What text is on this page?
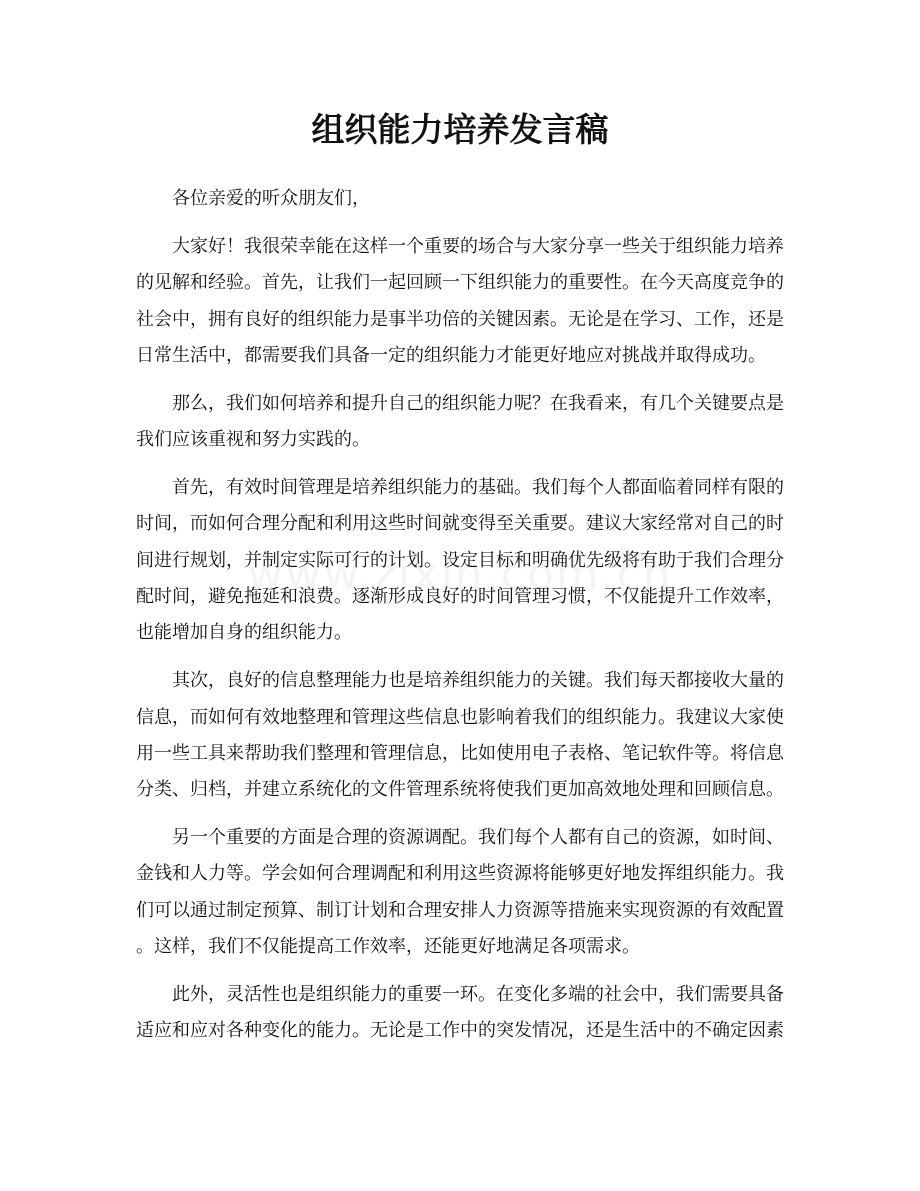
组织能力培养发言稿

各位亲爱的听众朋友们，

大家好！我很荣幸能在这样一个重要的场合与大家分享一些关于组织能力培养的见解和经验。首先，让我们一起回顾一下组织能力的重要性。在今天高度竞争的社会中，拥有良好的组织能力是事半功倍的关键因素。无论是在学习、工作，还是日常生活中，都需要我们具备一定的组织能力才能更好地应对挑战并取得成功。

那么，我们如何培养和提升自己的组织能力呢？在我看来，有几个关键要点是我们应该重视和努力实践的。

首先，有效时间管理是培养组织能力的基础。我们每个人都面临着同样有限的时间，而如何合理分配和利用这些时间就变得至关重要。建议大家经常对自己的时间进行规划，并制定实际可行的计划。设定目标和明确优先级将有助于我们合理分配时间，避免拖延和浪费。逐渐形成良好的时间管理习惯，不仅能提升工作效率，也能增加自身的组织能力。

其次，良好的信息整理能力也是培养组织能力的关键。我们每天都接收大量的信息，而如何有效地整理和管理这些信息也影响着我们的组织能力。我建议大家使用一些工具来帮助我们整理和管理信息，比如使用电子表格、笔记软件等。将信息分类、归档，并建立系统化的文件管理系统将使我们更加高效地处理和回顾信息。

另一个重要的方面是合理的资源调配。我们每个人都有自己的资源，如时间、金钱和人力等。学会如何合理调配和利用这些资源将能够更好地发挥组织能力。我们可以通过制定预算、制订计划和合理安排人力资源等措施来实现资源的有效配置。这样，我们不仅能提高工作效率，还能更好地满足各项需求。

此外，灵活性也是组织能力的重要一环。在变化多端的社会中，我们需要具备适应和应对各种变化的能力。无论是工作中的突发情况，还是生活中的不确定因素
